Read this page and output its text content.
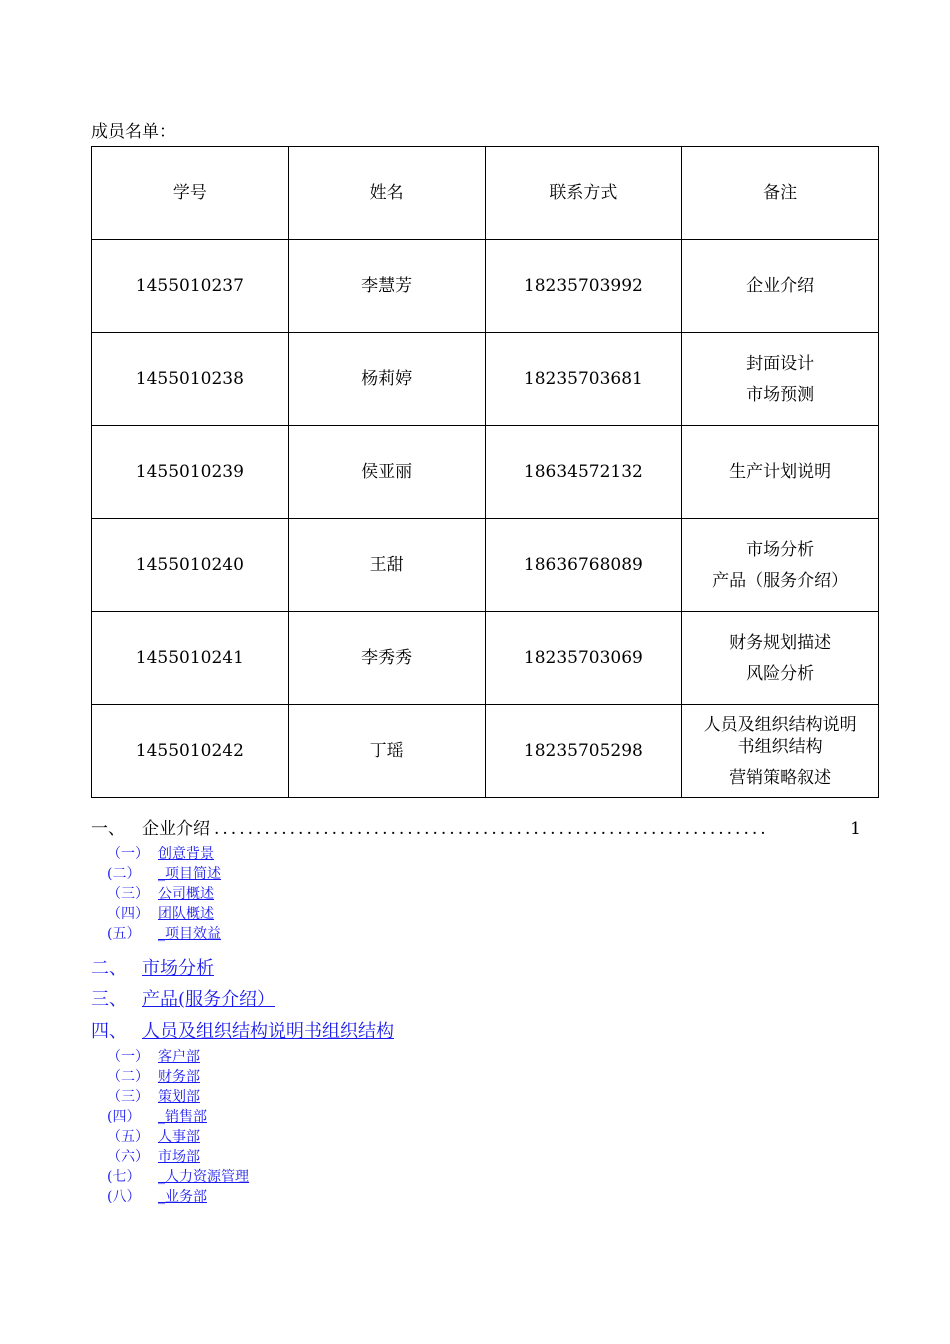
成员名单：
学号	姓名	联系方式	备注
1455010237	李慧芳	18235703992	企业介绍

1455010238	杨莉婷	18235703681	封面设计
市场预测

1455010239	侯亚丽	18634572132	生产计划说明

1455010240	王甜	18636768089	市场分析
产品（服务介绍）

1455010241	李秀秀	18235703069	财务规划描述
风险分析

1455010242	丁瑶	18235705298	人员及组织结构说明
书组织结构
营销策略叙述
一、	企业介绍 ..................................................................	1
（一） 创意背景
(二） _项目简述
（三） 公司概述
（四） 团队概述
(五） _项目效益
二、 市场分析
三、 产品(服务介绍）
四、 人员及组织结构说明书组织结构
（一） 客户部
（二） 财务部
（三） 策划部
(四） _销售部
（五） 人事部
（六） 市场部
(七） _人力资源管理
(八） _业务部
